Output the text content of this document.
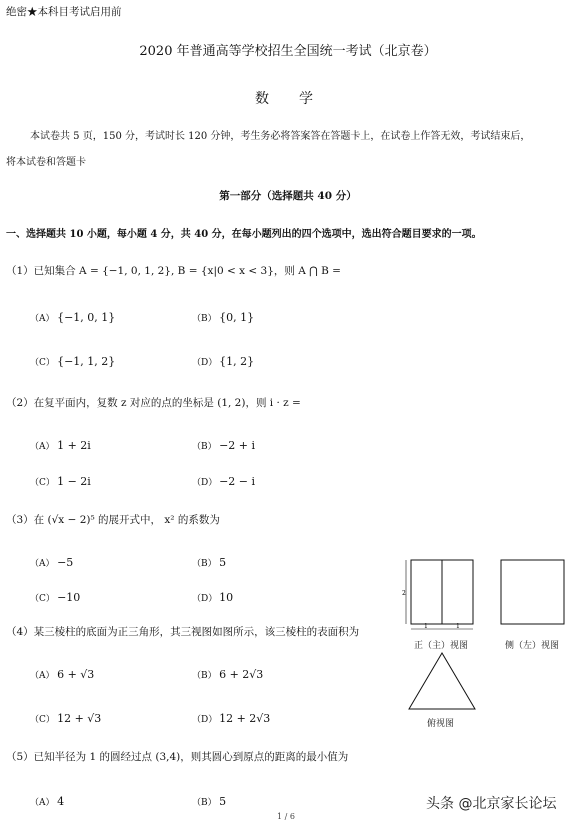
绝密★本科目考试启用前
2020 年普通高等学校招生全国统一考试（北京卷）
数　学
本试卷共 5 页，150 分，考试时长 120 分钟，考生务必将答案答在答题卡上，在试卷上作答无效，考试结束后，
将本试卷和答题卡
第一部分（选择题共 40 分）
一、选择题共 10 小题，每小题 4 分，共 40 分，在每小题列出的四个选项中，选出符合题目要求的一项。
（1）已知集合 A = {−1, 0, 1, 2}, B = {x|0 < x < 3}，则 A ⋂ B =
（A） {−1, 0, 1}	（B） {0, 1}
（C） {−1, 1, 2}	（D） {1, 2}
（2）在复平面内，复数 z 对应的点的坐标是 (1, 2)，则 i · z =
（A） 1 + 2i	（B） −2 + i
（C） 1 − 2i	（D） −2 − i
（3）在 (√x − 2)⁵ 的展开式中， x² 的系数为
（A） −5	（B） 5
（C） −10	（D） 10
（4）某三棱柱的底面为正三角形，其三视图如图所示，该三棱柱的表面积为
（A） 6 + √3	（B） 6 + 2√3
（C） 12 + √3	（D） 12 + 2√3
（5）已知半径为 1 的圆经过点 (3,4)，则其圆心到原点的距离的最小值为
（A） 4	（B） 5
2
1	1
正（主）视图	侧（左）视图
俯视图
1 / 6
头条 @北京家长论坛
